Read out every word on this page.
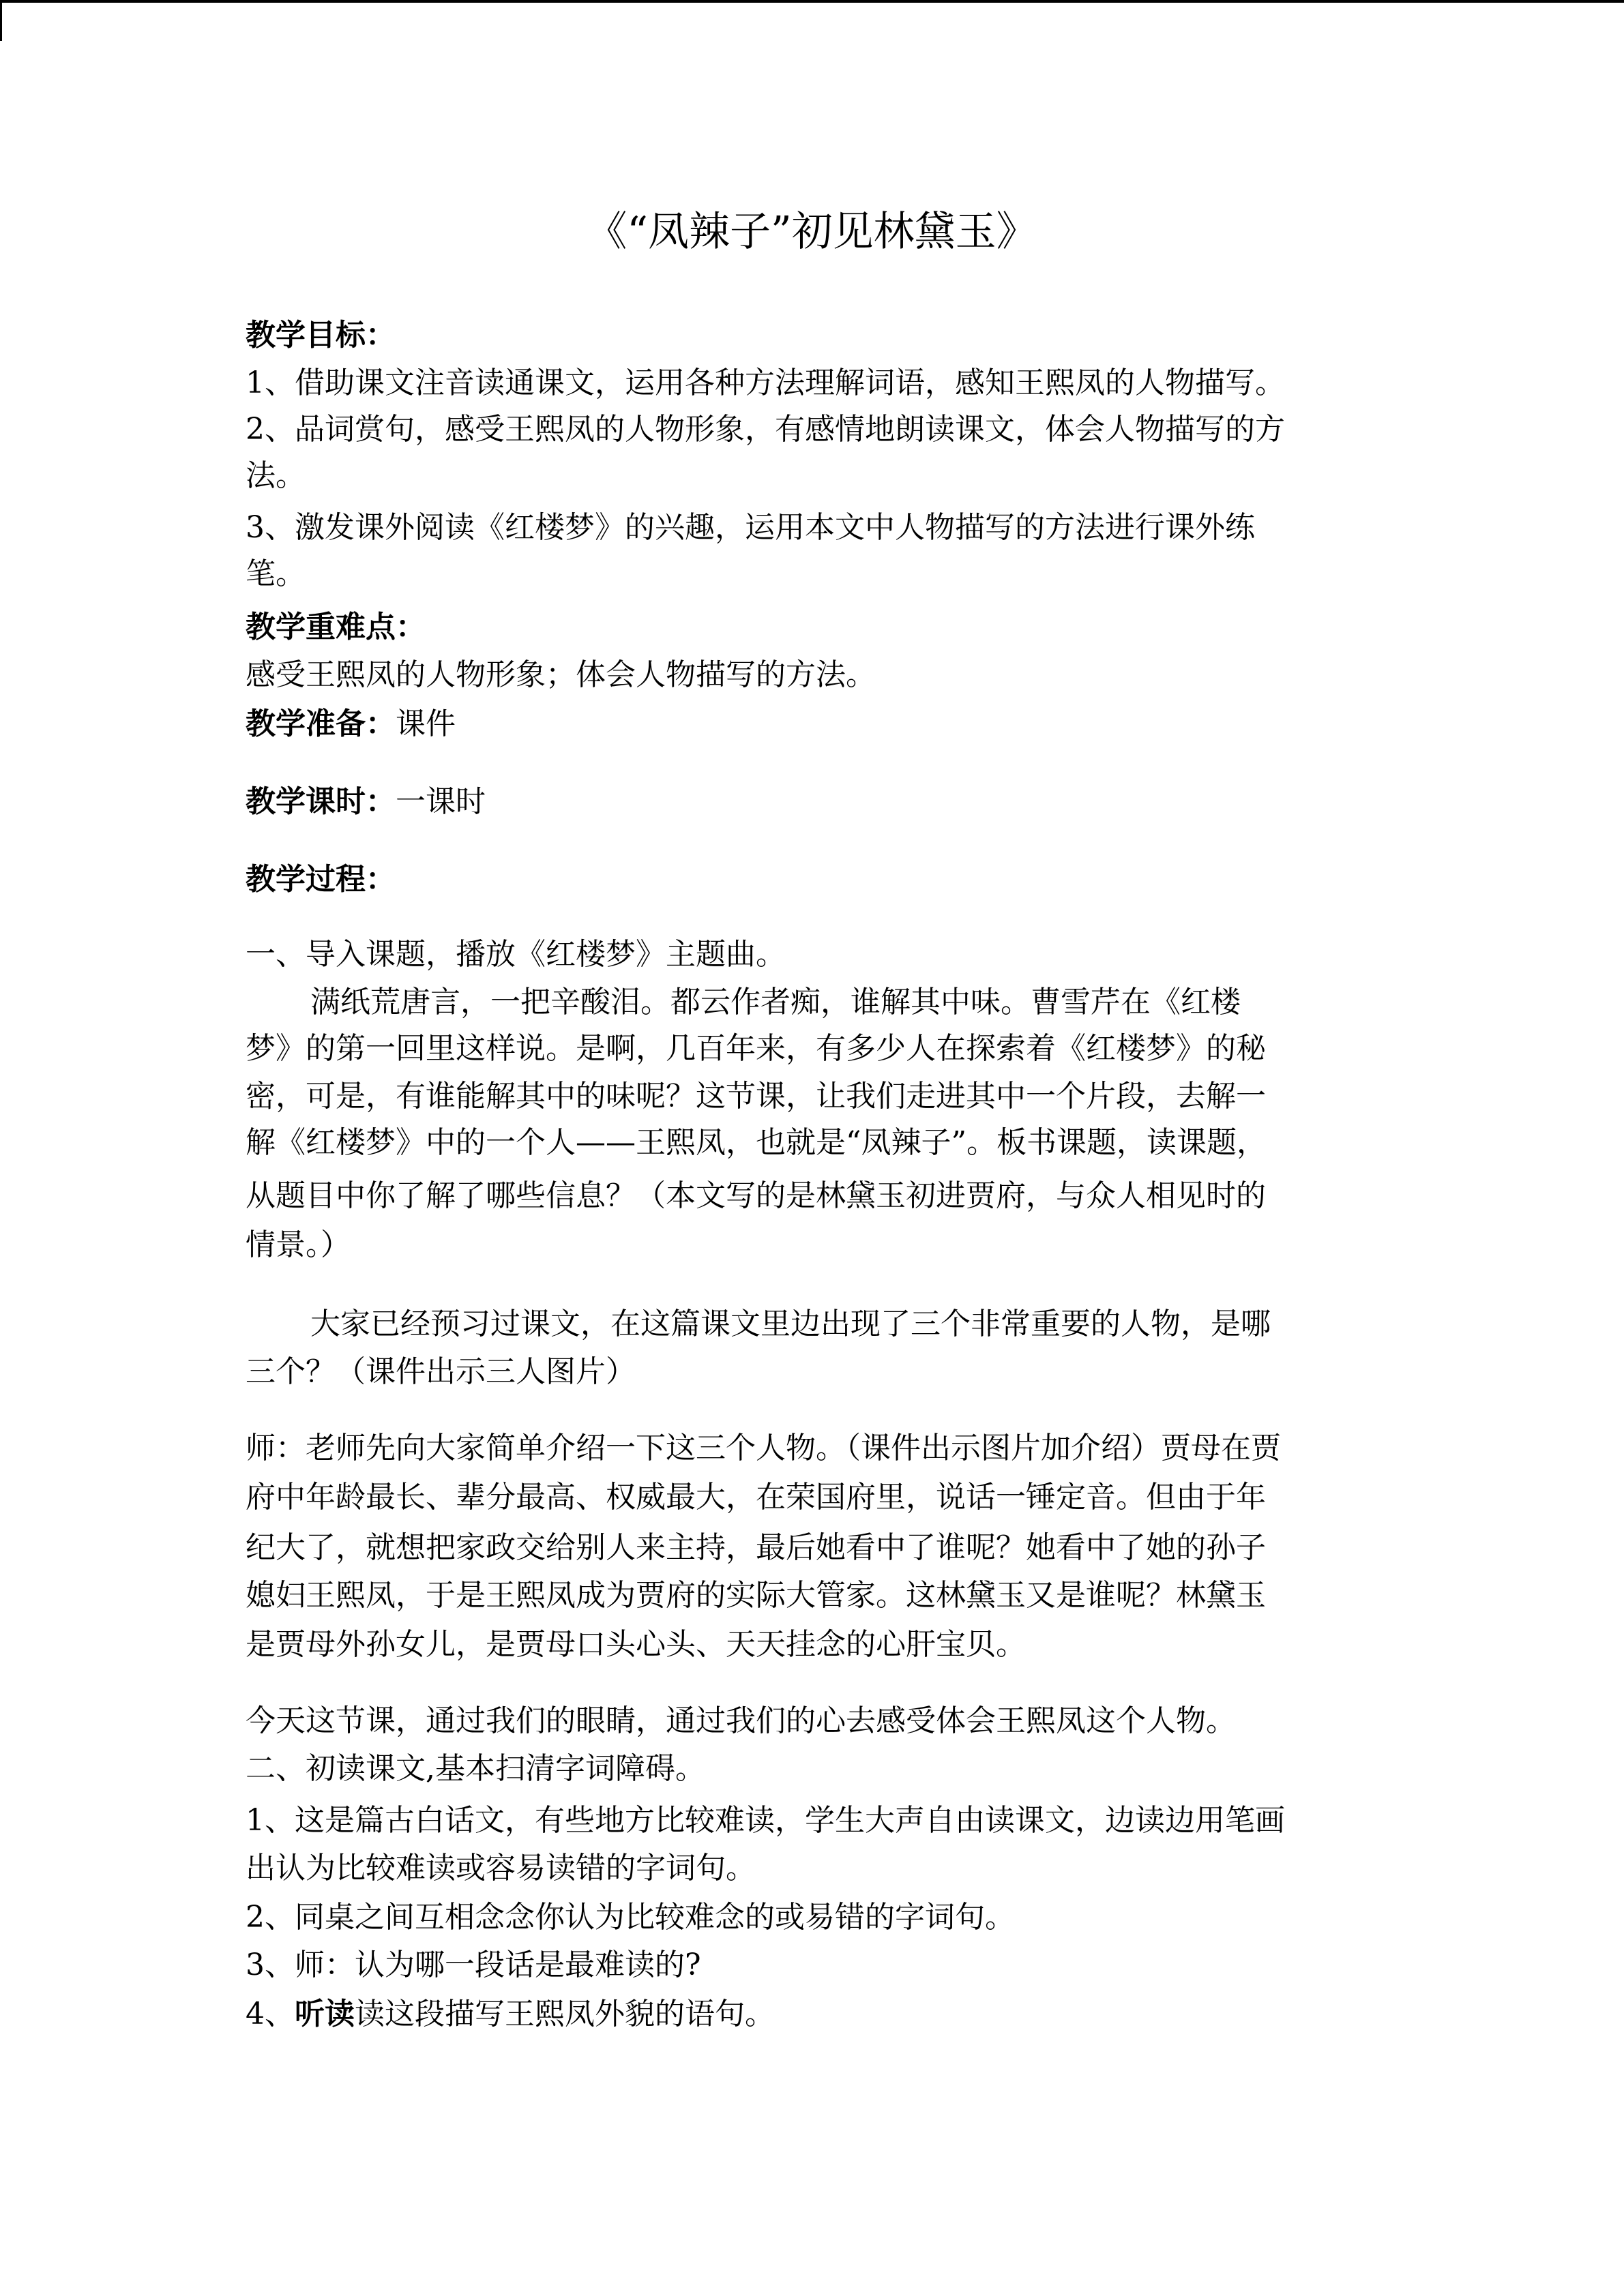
《“凤辣子”初见林黛玉》
教学目标：
1、借助课文注音读通课文，运用各种方法理解词语，感知王熙凤的人物描写。
2、品词赏句，感受王熙凤的人物形象，有感情地朗读课文，体会人物描写的方
法。
3、激发课外阅读《红楼梦》的兴趣，运用本文中人物描写的方法进行课外练
笔。
教学重难点：
感受王熙凤的人物形象；体会人物描写的方法。
教学准备：课件
教学课时：一课时
教学过程：
一、导入课题，播放《红楼梦》主题曲。
满纸荒唐言，一把辛酸泪。都云作者痴，谁解其中味。曹雪芹在《红楼
梦》的第一回里这样说。是啊，几百年来，有多少人在探索着《红楼梦》的秘
密，可是，有谁能解其中的味呢？这节课，让我们走进其中一个片段，去解一
解《红楼梦》中的一个人——王熙凤，也就是“凤辣子”。板书课题，读课题，
从题目中你了解了哪些信息？（本文写的是林黛玉初进贾府，与众人相见时的
情景。）
大家已经预习过课文，在这篇课文里边出现了三个非常重要的人物，是哪
三个？（课件出示三人图片）
师：老师先向大家简单介绍一下这三个人物。（课件出示图片加介绍）贾母在贾
府中年龄最长、辈分最高、权威最大，在荣国府里，说话一锤定音。但由于年
纪大了，就想把家政交给别人来主持，最后她看中了谁呢？她看中了她的孙子
媳妇王熙凤，于是王熙凤成为贾府的实际大管家。这林黛玉又是谁呢？林黛玉
是贾母外孙女儿，是贾母口头心头、天天挂念的心肝宝贝。
今天这节课，通过我们的眼睛，通过我们的心去感受体会王熙凤这个人物。
二、初读课文,基本扫清字词障碍。
1、这是篇古白话文，有些地方比较难读，学生大声自由读课文，边读边用笔画
出认为比较难读或容易读错的字词句。
2、同桌之间互相念念你认为比较难念的或易错的字词句。
3、师：认为哪一段话是最难读的?
4、听读读这段描写王熙凤外貌的语句。
